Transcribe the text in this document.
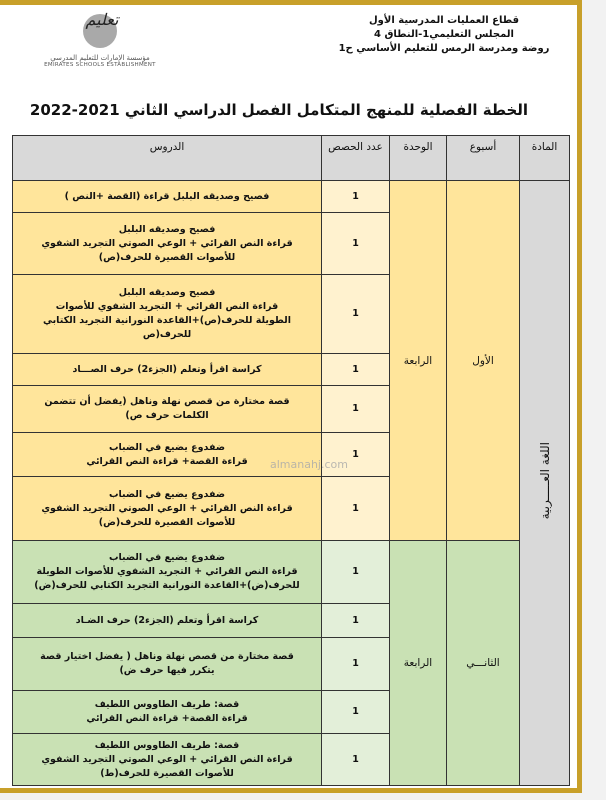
قطاع العمليات المدرسية الأول
المجلس التعليمي1-النطاق 4
روضة ومدرسة الرمس للتعليم الأساسي ح1
تعليم
مؤسسة الإمارات للتعليم المدرسي
EMIRATES SCHOOLS ESTABLISHMENT
الخطة الفصلية للمنهج المتكامل الفصل الدراسي الثاني 2021-2022
المادة	أسبوع	الوحدة	عدد الحصص	الدروس
اللغة العـــــربية	الأول	الرابعة	1	فصيح وصديقه البلبل قراءة (القصة +النص )
			1	فصيح وصديقه البلبل
قراءة النص القرائي + الوعي الصوتي التجريد الشفوي
للأصوات القصيرة للحرف(ص)
			1	فصيح وصديقه البلبل
قراءة النص القرائي + التجريد الشفوي للأصوات
الطويلة للحرف(ص)+القاعدة النورانية التجريد الكتابي
للحرف(ص
			1	كراسة اقرأ وتعلم (الجزء2) حرف الصـــاد
			1	قصة مختارة من قصص نهلة وناهل (يفضل أن تتضمن
الكلمات حرف ص)
			1	ضفدوع يضيع في الضباب
قراءة القصة+ قراءة النص القرائي
			1	ضفدوع يضيع في الضباب
قراءة النص القرائي + الوعي الصوتي التجريد الشفوي
للأصوات القصيرة للحرف(ض)
	الثانـــي	الرابعة	1	ضفدوع يضيع في الضباب
قراءة النص القرائي + التجريد الشفوي للأصوات الطويلة
للحرف(ض)+القاعدة النورانية التجريد الكتابي للحرف(ض)
			1	كراسة اقرأ وتعلم (الجزء2) حرف الضـاد
			1	قصة مختارة من قصص نهلة وناهل ( يفضل اختيار قصة
يتكرر فيها حرف ض)
			1	قصة: طريف الطاووس اللطيف
قراءة القصة+ قراءة النص القرائي
			1	قصة: طريف الطاووس اللطيف
قراءة النص القرائي + الوعي الصوتي التجريد الشفوي
للأصوات القصيرة للحرف(ط)
almanahj.com
